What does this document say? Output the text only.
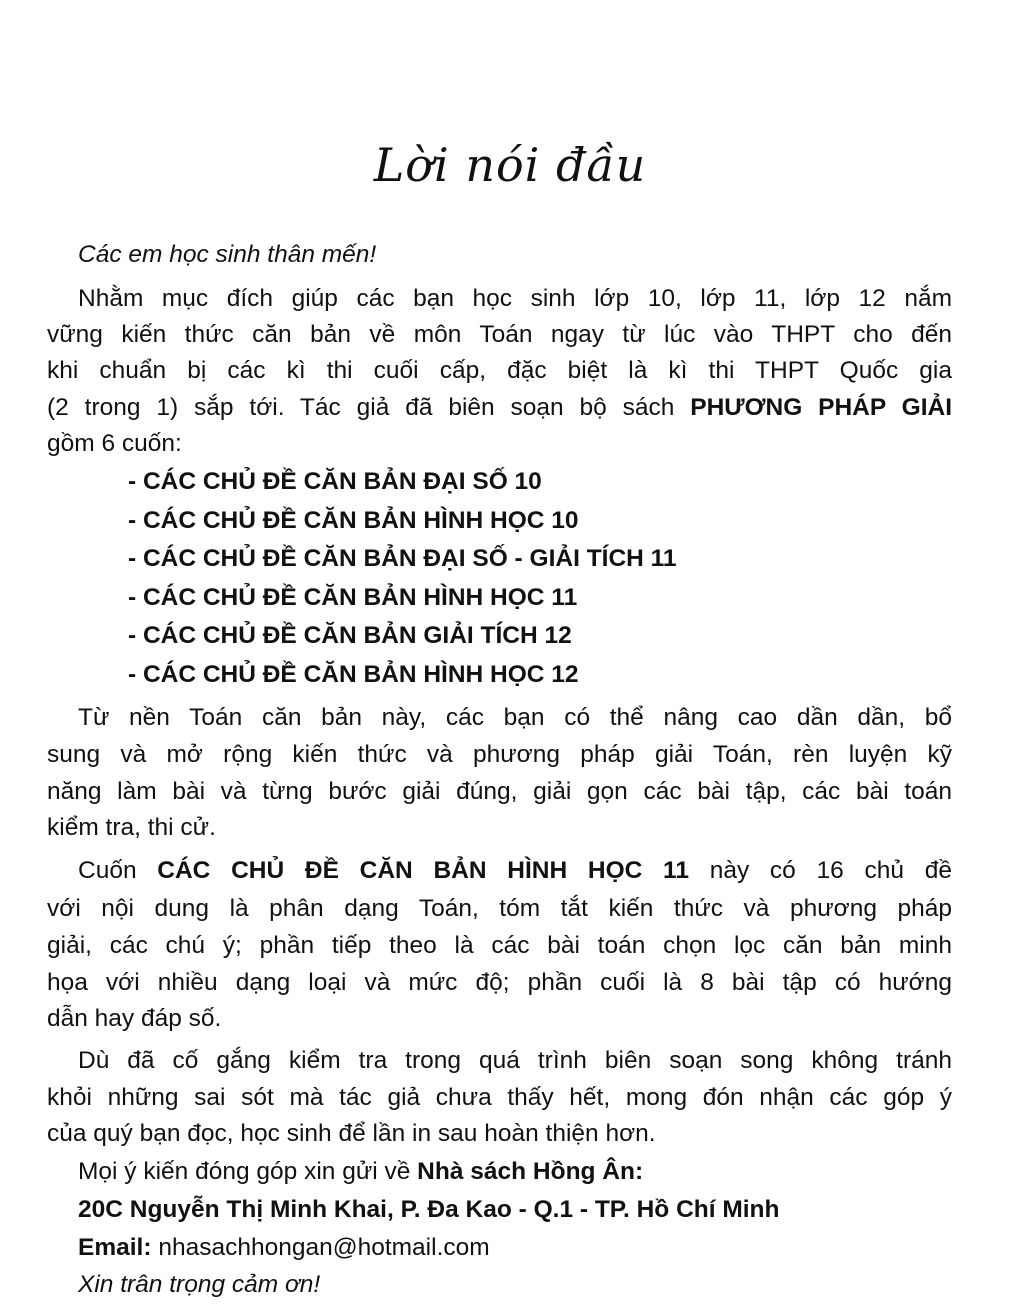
Lời nói đầu
Các em học sinh thân mến!
Nhằm mục đích giúp các bạn học sinh lớp 10, lớp 11, lớp 12 nắm
vững kiến thức căn bản về môn Toán ngay từ lúc vào THPT cho đến
khi chuẩn bị các kì thi cuối cấp, đặc biệt là kì thi THPT Quốc gia
(2 trong 1) sắp tới. Tác giả đã biên soạn bộ sách PHƯƠNG PHÁP GIẢI
gồm 6 cuốn:
- CÁC CHỦ ĐỀ CĂN BẢN ĐẠI SỐ 10
- CÁC CHỦ ĐỀ CĂN BẢN HÌNH HỌC 10
- CÁC CHỦ ĐỀ CĂN BẢN ĐẠI SỐ - GIẢI TÍCH 11
- CÁC CHỦ ĐỀ CĂN BẢN HÌNH HỌC 11
- CÁC CHỦ ĐỀ CĂN BẢN GIẢI TÍCH 12
- CÁC CHỦ ĐỀ CĂN BẢN HÌNH HỌC 12
Từ nền Toán căn bản này, các bạn có thể nâng cao dần dần, bổ
sung và mở rộng kiến thức và phương pháp giải Toán, rèn luyện kỹ
năng làm bài và từng bước giải đúng, giải gọn các bài tập, các bài toán
kiểm tra, thi cử.
Cuốn CÁC CHỦ ĐỀ CĂN BẢN HÌNH HỌC 11 này có 16 chủ đề
với nội dung là phân dạng Toán, tóm tắt kiến thức và phương pháp
giải, các chú ý; phần tiếp theo là các bài toán chọn lọc căn bản minh
họa với nhiều dạng loại và mức độ; phần cuối là 8 bài tập có hướng
dẫn hay đáp số.
Dù đã cố gắng kiểm tra trong quá trình biên soạn song không tránh
khỏi những sai sót mà tác giả chưa thấy hết, mong đón nhận các góp ý
của quý bạn đọc, học sinh để lần in sau hoàn thiện hơn.
Mọi ý kiến đóng góp xin gửi về Nhà sách Hồng Ân:
20C Nguyễn Thị Minh Khai, P. Đa Kao - Q.1 - TP. Hồ Chí Minh
Email: nhasachhongan@hotmail.com
Xin trân trọng cảm ơn!
